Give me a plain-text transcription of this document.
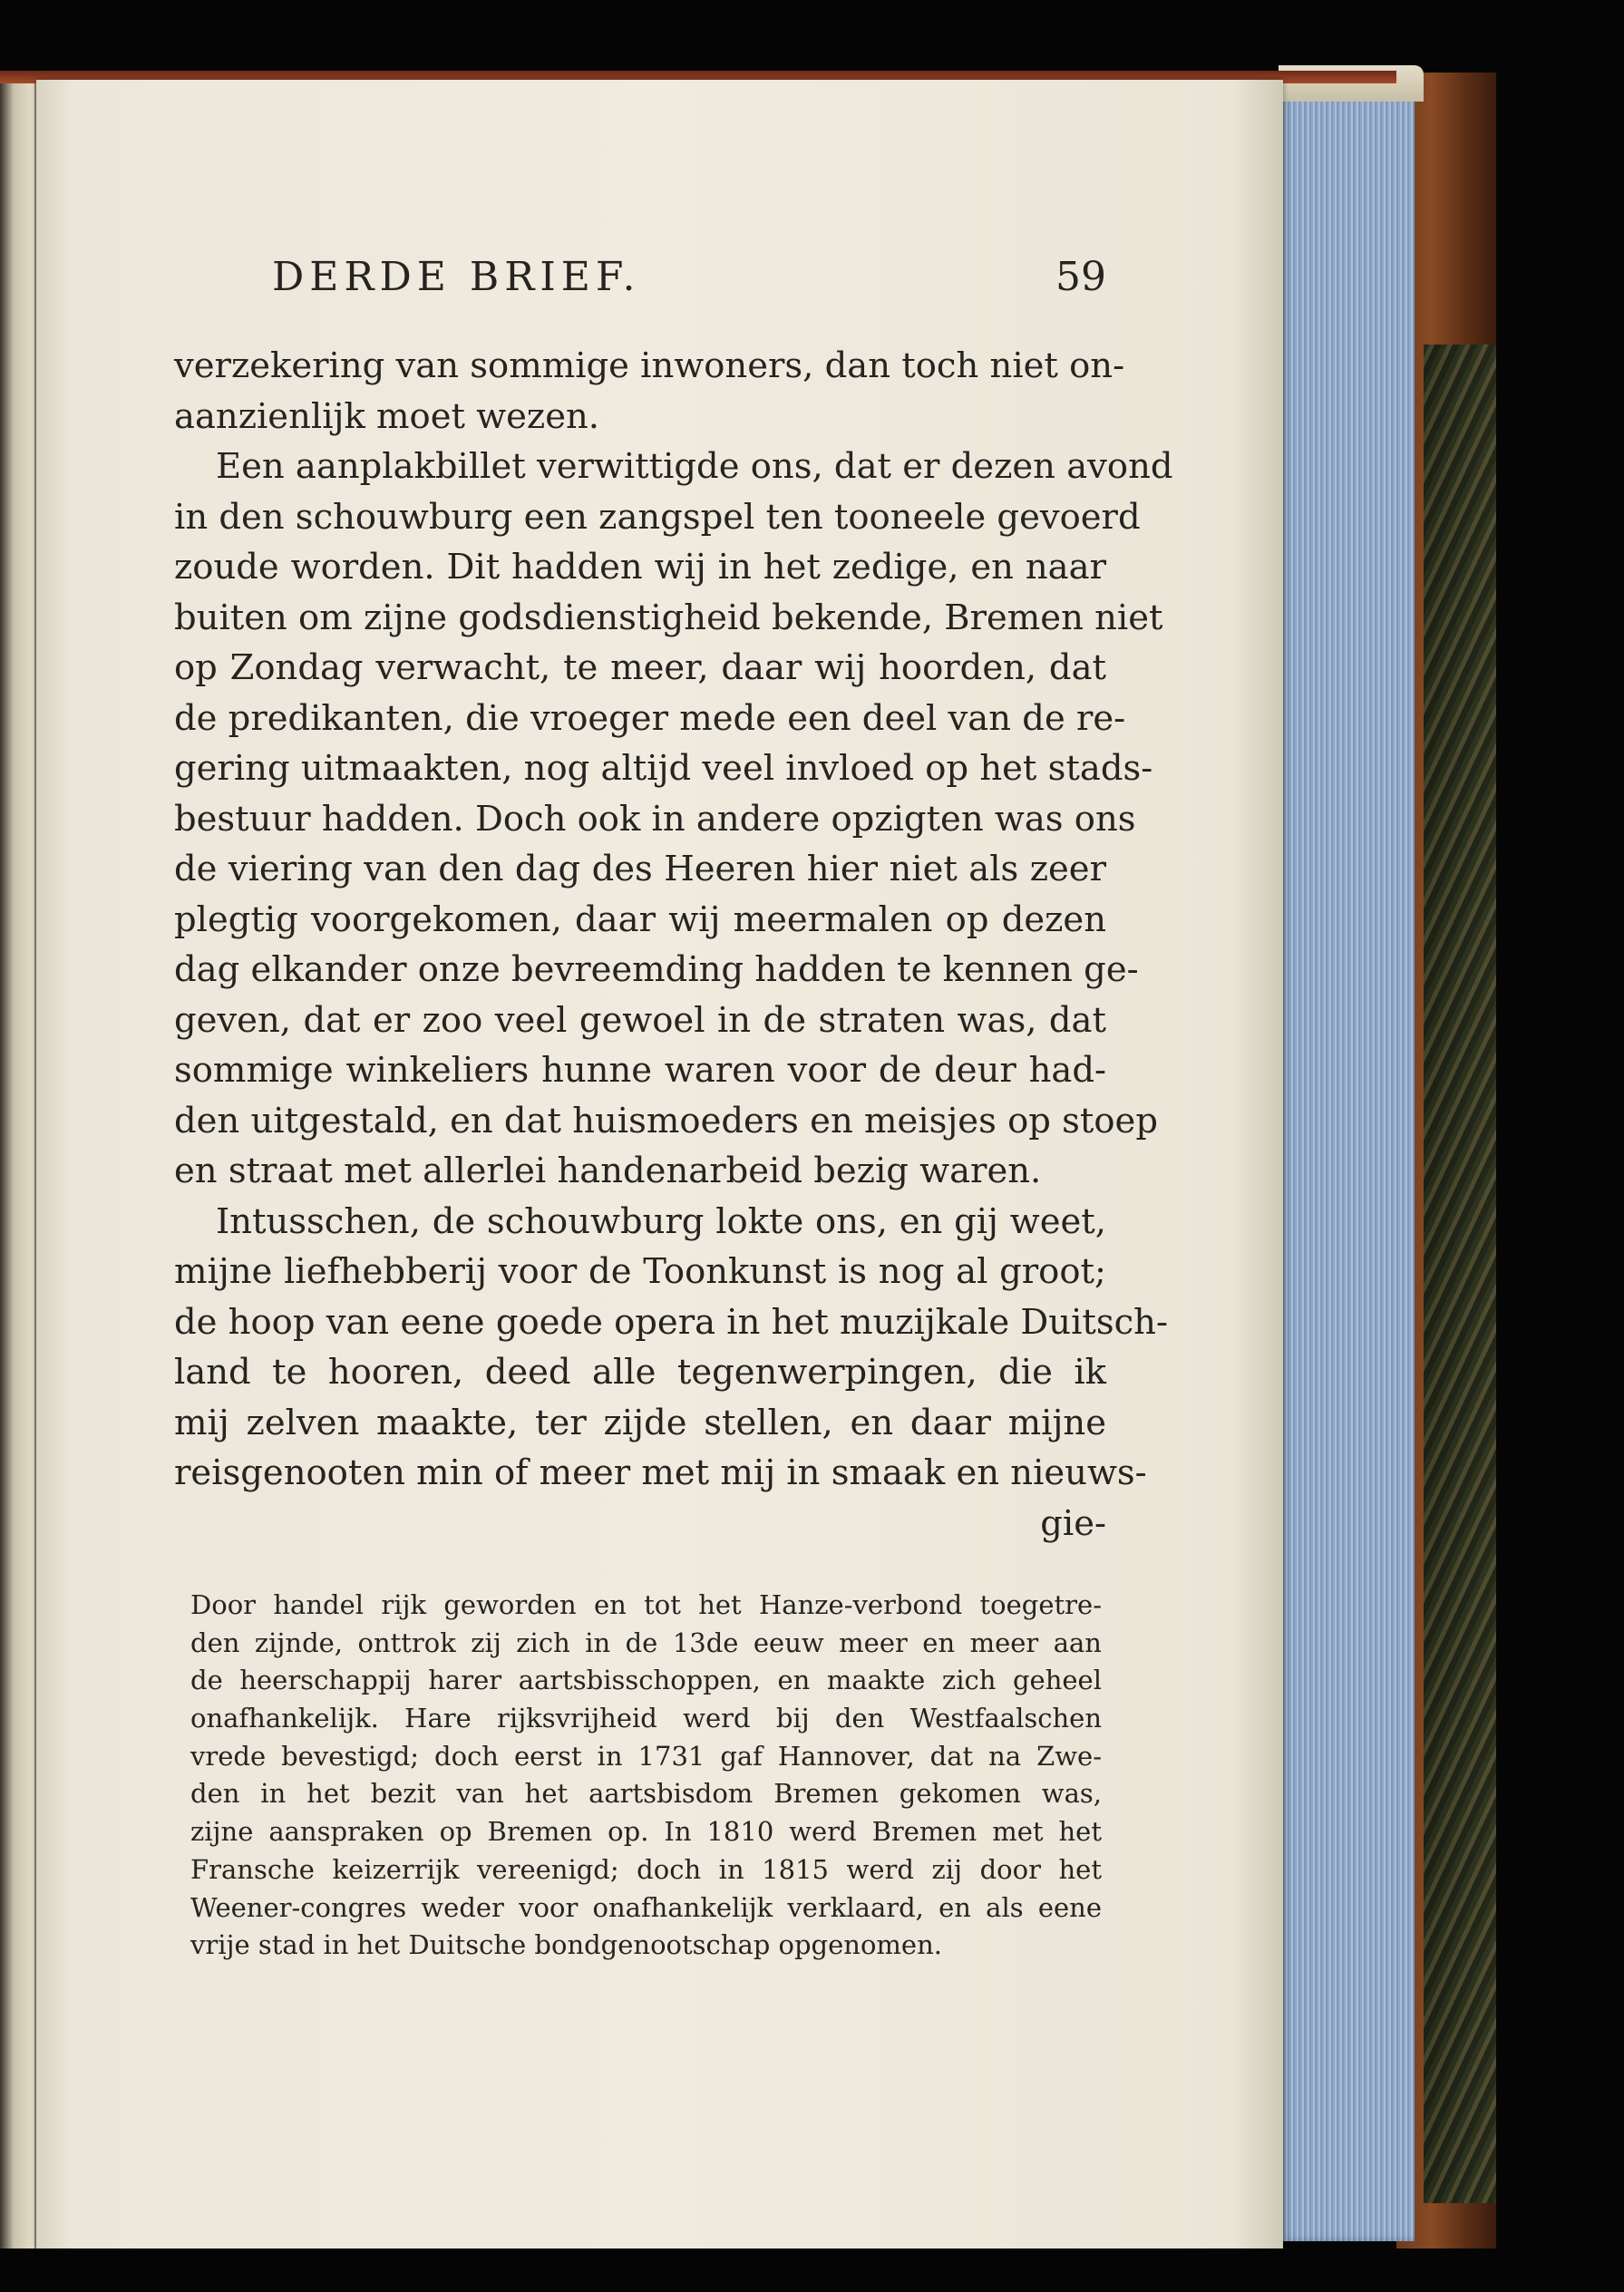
DERDE BRIEF.	59
verzekering van sommige inwoners, dan toch niet on-
aanzienlijk moet wezen.
Een aanplakbillet verwittigde ons, dat er dezen avond
in den schouwburg een zangspel ten tooneele gevoerd
zoude worden. Dit hadden wij in het zedige, en naar
buiten om zijne godsdienstigheid bekende, Bremen niet
op Zondag verwacht, te meer, daar wij hoorden, dat
de predikanten, die vroeger mede een deel van de re-
gering uitmaakten, nog altijd veel invloed op het stads-
bestuur hadden. Doch ook in andere opzigten was ons
de viering van den dag des Heeren hier niet als zeer
plegtig voorgekomen, daar wij meermalen op dezen
dag elkander onze bevreemding hadden te kennen ge-
geven, dat er zoo veel gewoel in de straten was, dat
sommige winkeliers hunne waren voor de deur had-
den uitgestald, en dat huismoeders en meisjes op stoep
en straat met allerlei handenarbeid bezig waren.
Intusschen, de schouwburg lokte ons, en gij weet,
mijne liefhebberij voor de Toonkunst is nog al groot;
de hoop van eene goede opera in het muzijkale Duitsch-
land te hooren, deed alle tegenwerpingen, die ik
mij zelven maakte, ter zijde stellen, en daar mijne
reisgenooten min of meer met mij in smaak en nieuws-
gie-
Door handel rijk geworden en tot het Hanze-verbond toegetre-
den zijnde, onttrok zij zich in de 13de eeuw meer en meer aan
de heerschappij harer aartsbisschoppen, en maakte zich geheel
onafhankelijk. Hare rijksvrijheid werd bij den Westfaalschen
vrede bevestigd; doch eerst in 1731 gaf Hannover, dat na Zwe-
den in het bezit van het aartsbisdom Bremen gekomen was,
zijne aanspraken op Bremen op. In 1810 werd Bremen met het
Fransche keizerrijk vereenigd; doch in 1815 werd zij door het
Weener-congres weder voor onafhankelijk verklaard, en als eene
vrije stad in het Duitsche bondgenootschap opgenomen.
